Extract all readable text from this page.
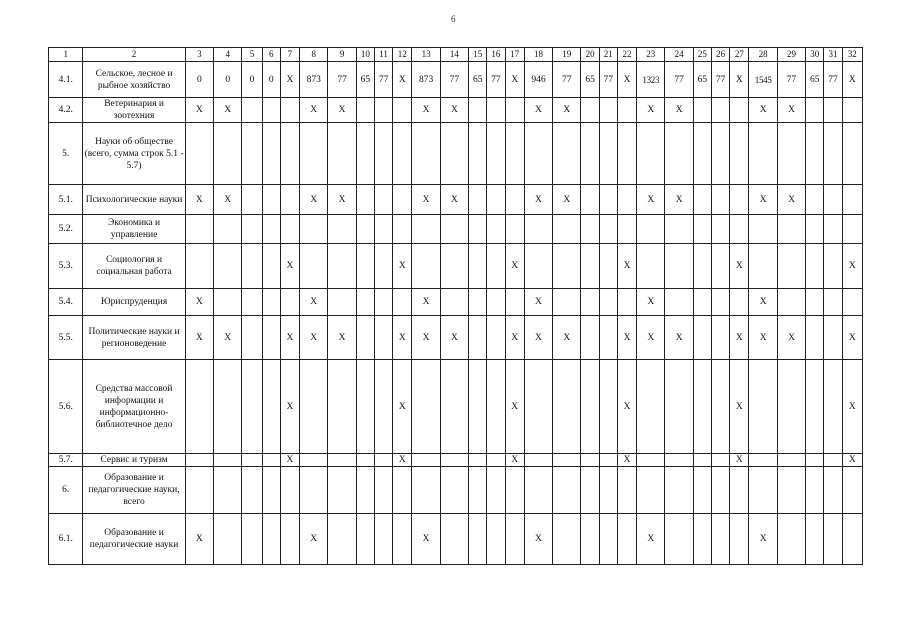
6
1	2	3	4	5	6	7	8	9	10	11	12	13	14	15	16	17	18	19	20	21	22	23	24	25	26	27	28	29	30	31	32
4.1.	Сельское, лесное и рыбное хозяйство	0	0	0	0	X	873	77	65	77	X	873	77	65	77	X	946	77	65	77	X	1323	77	65	77	X	1545	77	65	77	X
4.2.	Ветеринария и зоотехния	X	X				X	X				X	X				X	X				X	X				X	X			
5.	Науки об обществе (всего, сумма строк 5.1 - 5.7)																														
5.1.	Психологические науки	X	X				X	X				X	X				X	X				X	X				X	X			
5.2.	Экономика и управление																														
5.3.	Социология и социальная работа					X					X					X					X					X					X
5.4.	Юриспруденция	X					X					X					X					X					X				
5.5.	Политические науки и регионоведение	X	X			X	X	X			X	X	X			X	X	X			X	X	X			X	X	X			X
5.6.	Средства массовой информации и информационно-библиотечное дело					X					X					X					X					X					X
5.7.	Сервис и туризм					X					X					X					X					X					X
6.	Образование и педагогические науки, всего																														
6.1.	Образование и педагогические науки	X					X					X					X					X					X				
